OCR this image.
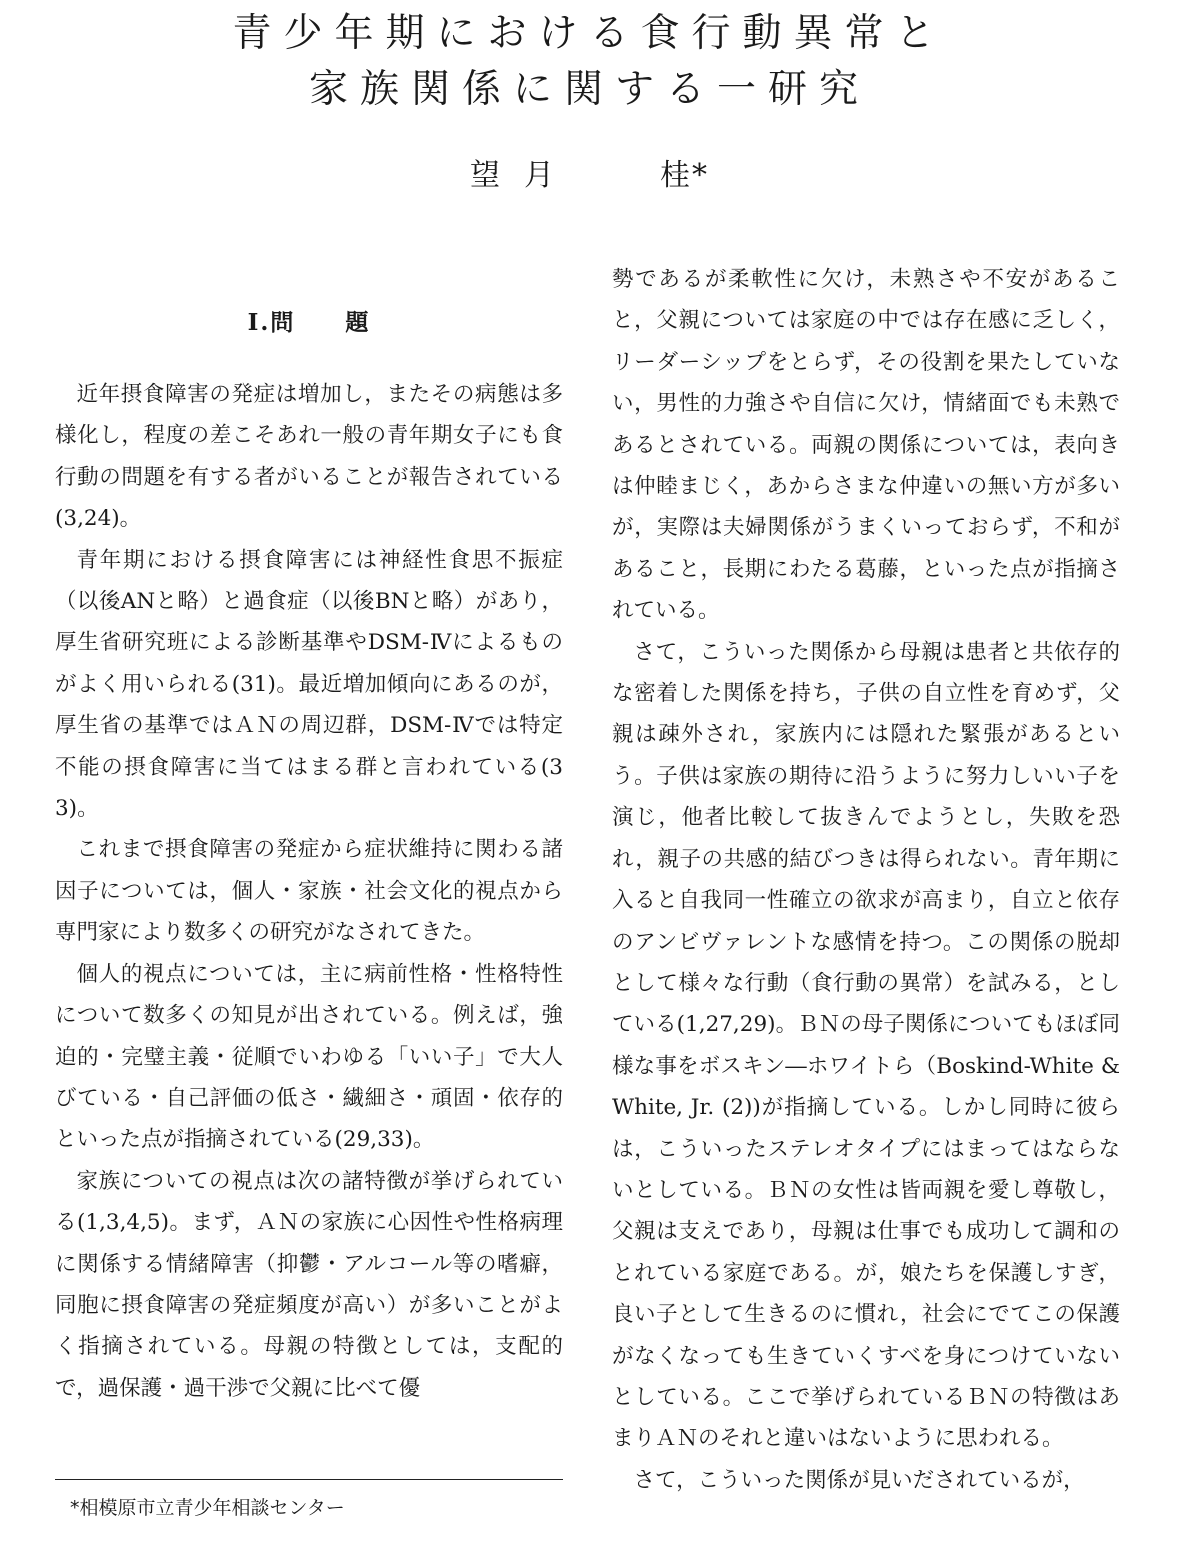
青少年期における食行動異常と
家族関係に関する一研究
望月	桂*
Ⅰ.問　　題

近年摂食障害の発症は増加し，またその病態は多様化し，程度の差こそあれ一般の青年期女子にも食行動の問題を有する者がいることが報告されている(3,24)。

青年期における摂食障害には神経性食思不振症（以後ANと略）と過食症（以後BNと略）があり，厚生省研究班による診断基準やDSM-Ⅳによるものがよく用いられる(31)。最近増加傾向にあるのが，厚生省の基準ではＡＮの周辺群，DSM-Ⅳでは特定不能の摂食障害に当てはまる群と言われている(33)。

これまで摂食障害の発症から症状維持に関わる諸因子については，個人・家族・社会文化的視点から専門家により数多くの研究がなされてきた。

個人的視点については，主に病前性格・性格特性について数多くの知見が出されている。例えば，強迫的・完璧主義・従順でいわゆる「いい子」で大人びている・自己評価の低さ・繊細さ・頑固・依存的といった点が指摘されている(29,33)。

家族についての視点は次の諸特徴が挙げられている(1,3,4,5)。まず，ＡＮの家族に心因性や性格病理に関係する情緒障害（抑鬱・アルコール等の嗜癖，同胞に摂食障害の発症頻度が高い）が多いことがよく指摘されている。母親の特徴としては，支配的で，過保護・過干渉で父親に比べて優

勢であるが柔軟性に欠け，未熟さや不安があること，父親については家庭の中では存在感に乏しく，リーダーシップをとらず，その役割を果たしていない，男性的力強さや自信に欠け，情緒面でも未熟であるとされている。両親の関係については，表向きは仲睦まじく，あからさまな仲違いの無い方が多いが，実際は夫婦関係がうまくいっておらず，不和があること，長期にわたる葛藤，といった点が指摘されている。

さて，こういった関係から母親は患者と共依存的な密着した関係を持ち，子供の自立性を育めず，父親は疎外され，家族内には隠れた緊張があるという。子供は家族の期待に沿うように努力しいい子を演じ，他者比較して抜きんでようとし，失敗を恐れ，親子の共感的結びつきは得られない。青年期に入ると自我同一性確立の欲求が高まり，自立と依存のアンビヴァレントな感情を持つ。この関係の脱却として様々な行動（食行動の異常）を試みる，としている(1,27,29)。ＢＮの母子関係についてもほぼ同様な事をボスキン―ホワイトら（Boskind-White & White, Jr. (2))が指摘している。しかし同時に彼らは，こういったステレオタイプにはまってはならないとしている。ＢＮの女性は皆両親を愛し尊敬し，父親は支えであり，母親は仕事でも成功して調和のとれている家庭である。が，娘たちを保護しすぎ，良い子として生きるのに慣れ，社会にでてこの保護がなくなっても生きていくすべを身につけていないとしている。ここで挙げられているＢＮの特徴はあまりＡＮのそれと違いはないように思われる。

さて，こういった関係が見いだされているが，

*相模原市立青少年相談センター
